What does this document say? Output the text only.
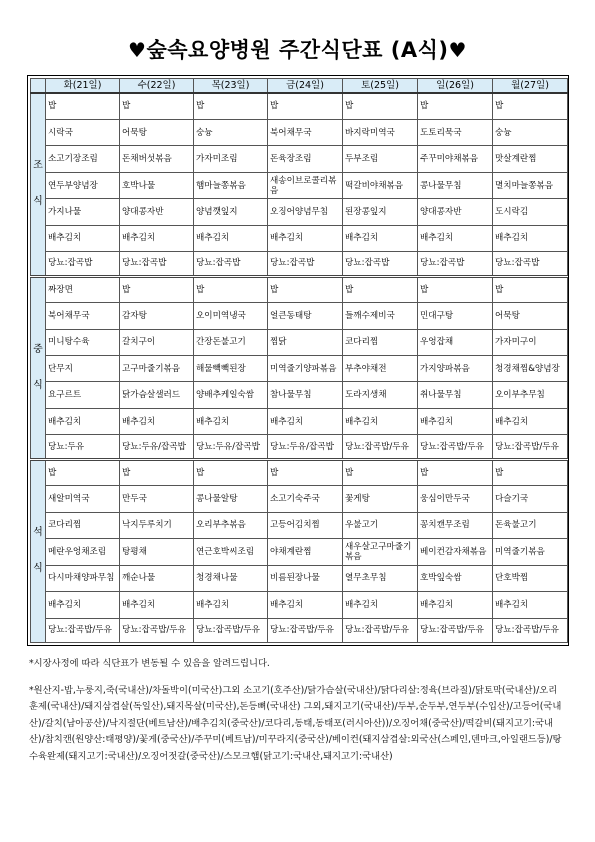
♥숲속요양병원 주간식단표 (A식)♥
	화(21일)	수(22일)	목(23일)	금(24일)	토(25일)	일(26일)	월(27일)

조
식	밥	밥	밥	밥	밥	밥	밥
	시락국	어묵탕	숭늉	북어채무국	바지락미역국	도토리묵국	숭늉
	소고기장조림	돈채버섯볶음	가자미조림	돈육장조림	두부조림	주꾸미야채볶음	맛살계란찜
	연두부양념장	호박나물	햄마늘쫑볶음	새송이브로콜리볶음	떡갈비야채볶음	콩나물무침	멸치마늘쫑볶음
	가지나물	양대콩자반	양념깻잎지	오징어양념무침	된장콩잎지	양대콩자반	도시락김
	배추김치	배추김치	배추김치	배추김치	배추김치	배추김치	배추김치
	당뇨:잡곡밥	당뇨:잡곡밥	당뇨:잡곡밥	당뇨:잡곡밥	당뇨:잡곡밥	당뇨:잡곡밥	당뇨:잡곡밥

중
식	짜장면	밥	밥	밥	밥	밥	밥
	북어채무국	감자탕	오이미역냉국	얼큰동태탕	들깨수제비국	민대구탕	어묵탕
	미니탕수육	갈치구이	간장돈불고기	찜닭	코다리찜	우엉잡채	가자미구이
	단무지	고구마줄기볶음	해물빽빽된장	미역줄기양파볶음	부추야채전	가지양파볶음	청경채찜&양념장
	요구르트	닭가슴살샐러드	양배추케일숙쌈	참나물무침	도라지생채	취나물무침	오이부추무침
	배추김치	배추김치	배추김치	배추김치	배추김치	배추김치	배추김치
	당뇨:두유	당뇨:두유/잡곡밥	당뇨:두유/잡곡밥	당뇨:두유/잡곡밥	당뇨:잡곡밥/두유	당뇨:잡곡밥/두유	당뇨:잡곡밥/두유

석
식	밥	밥	밥	밥	밥	밥	밥
	새알미역국	만두국	콩나물알탕	소고기숙주국	꽃게탕	웅심이만두국	다슬기국
	코다리찜	낙지두루치기	오리부추볶음	고등어김치찜	우불고기	꽁치캔무조림	돈육불고기
	메란우엉채조림	탕평채	연근호박씨조림	야채계란찜	새우살고구마줄기볶음	베이컨감자채볶음	미역줄기볶음
	다시마채양파무침	깨순나물	청경채나물	비름된장나물	열무초무침	호박잎숙쌈	단호박찜
	배추김치	배추김치	배추김치	배추김치	배추김치	배추김치	배추김치
	당뇨:잡곡밥/두유	당뇨:잡곡밥/두유	당뇨:잡곡밥/두유	당뇨:잡곡밥/두유	당뇨:잡곡밥/두유	당뇨:잡곡밥/두유	당뇨:잡곡밥/두유

*시장사정에 따라 식단표가 변동될 수 있음을 알려드립니다.

*원산지-밥,누룽지,죽(국내산)/차돌박이(미국산)그외 소고기(호주산)/닭가슴살(국내산)/닭다리살:정육(브라질)/닭토막(국내산)/오리훈제(국내산)/돼지삼겹살(독일산),돼지목살(미국산),돈등뼈(국내산) 그외,돼지고기(국내산)/두부,순두부,연두부(수입산)/고등어(국내산)/갈치(남아공산)/낙지절단(베트남산)/배추김치(중국산)/코다리,동태,동태포(러시아산))/오징어채(중국산)/떡갈비(돼지고기:국내산)/참치캔(원양산:태평양)/꽃게(중국산)/주꾸미(베트남)/미꾸라지(중국산)/베이컨(돼지삼겹살:외국산(스페인,덴마크,아일랜드등)/탕수육완제(돼지고기:국내산)/오징어젓갈(중국산)/스모크햄(닭고기:국내산,돼지고기:국내산)
